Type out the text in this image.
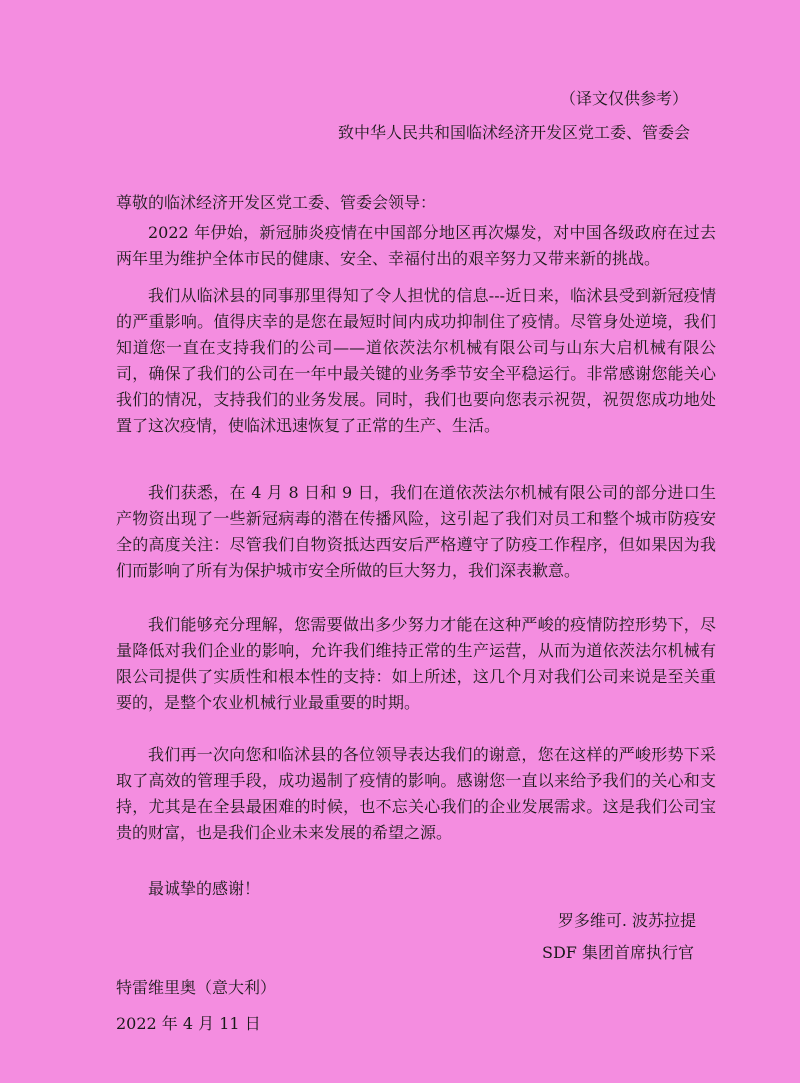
（译文仅供参考）

致中华人民共和国临沭经济开发区党工委、管委会

尊敬的临沭经济开发区党工委、管委会领导：

2022 年伊始，新冠肺炎疫情在中国部分地区再次爆发，对中国各级政府在过去两年里为维护全体市民的健康、安全、幸福付出的艰辛努力又带来新的挑战。

我们从临沭县的同事那里得知了令人担忧的信息---近日来，临沭县受到新冠疫情的严重影响。值得庆幸的是您在最短时间内成功抑制住了疫情。尽管身处逆境，我们知道您一直在支持我们的公司——道依茨法尔机械有限公司与山东大启机械有限公司，确保了我们的公司在一年中最关键的业务季节安全平稳运行。非常感谢您能关心我们的情况，支持我们的业务发展。同时，我们也要向您表示祝贺，祝贺您成功地处置了这次疫情，使临沭迅速恢复了正常的生产、生活。

我们获悉，在 4 月 8 日和 9 日，我们在道依茨法尔机械有限公司的部分进口生产物资出现了一些新冠病毒的潜在传播风险，这引起了我们对员工和整个城市防疫安全的高度关注：尽管我们自物资抵达西安后严格遵守了防疫工作程序，但如果因为我们而影响了所有为保护城市安全所做的巨大努力，我们深表歉意。

我们能够充分理解，您需要做出多少努力才能在这种严峻的疫情防控形势下，尽量降低对我们企业的影响，允许我们维持正常的生产运营，从而为道依茨法尔机械有限公司提供了实质性和根本性的支持：如上所述，这几个月对我们公司来说是至关重要的，是整个农业机械行业最重要的时期。

我们再一次向您和临沭县的各位领导表达我们的谢意，您在这样的严峻形势下采取了高效的管理手段，成功遏制了疫情的影响。感谢您一直以来给予我们的关心和支持，尤其是在全县最困难的时候，也不忘关心我们的企业发展需求。这是我们公司宝贵的财富，也是我们企业未来发展的希望之源。

最诚挚的感谢！

罗多维可. 波苏拉提

SDF 集团首席执行官

特雷维里奥（意大利）

2022 年 4 月 11 日
